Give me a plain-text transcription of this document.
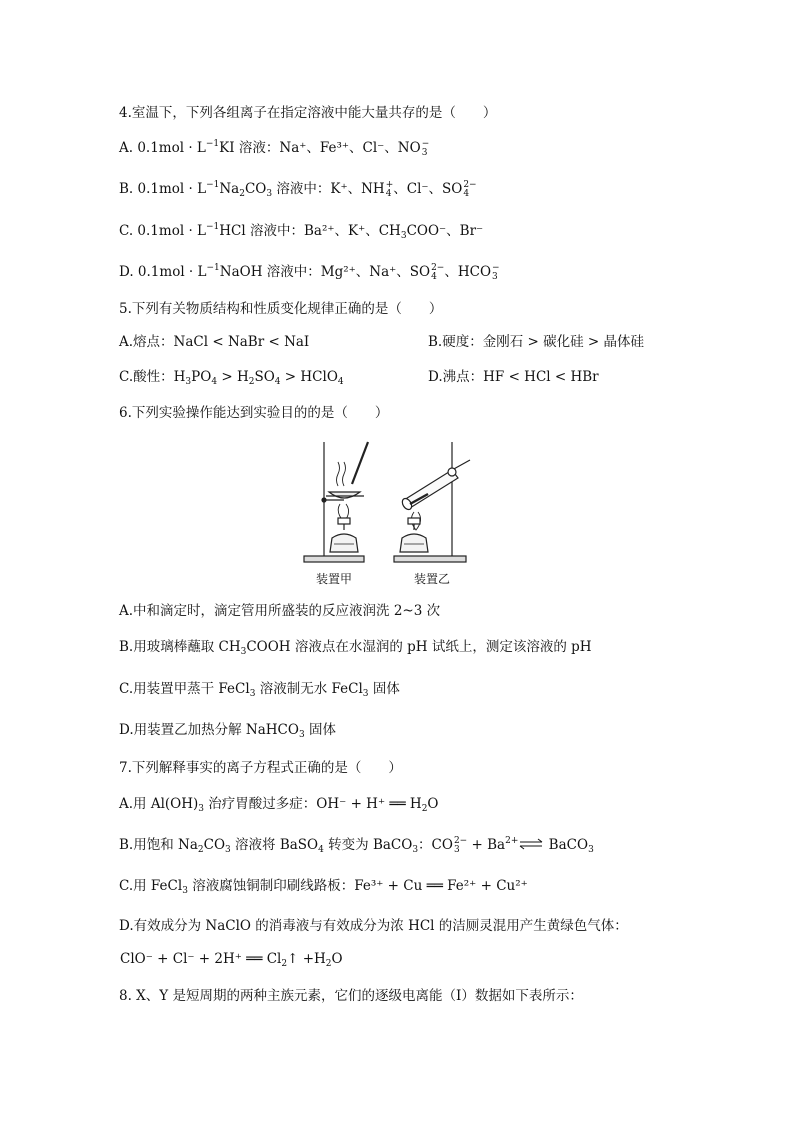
4.室温下，下列各组离子在指定溶液中能大量共存的是（　　）
A. $0.1mol \cdot L^{-1}KI$ 溶液：Na⁺、Fe³⁺、Cl⁻、NO −
3
B. $0.1mol \cdot L^{-1}Na_2CO_3$ 溶液中：K⁺、NH +
4 、Cl⁻、SO 2−
4
C. $0.1mol \cdot L^{-1}HCl$ 溶液中：Ba²⁺、K⁺、$CH_3COO^-$、Br⁻
D. $0.1mol \cdot L^{-1}NaOH$ 溶液中：Mg²⁺、Na⁺、SO 2−
4 、HCO −
3
5.下列有关物质结构和性质变化规律正确的是（　　）
A.熔点：NaCl < NaBr < NaI	B.硬度：金刚石 > 碳化硅 > 晶体硅
C.酸性：$H_3PO_4 > H_2SO_4$ > HClO$_4$	D.沸点：HF < HCl < HBr
6.下列实验操作能达到实验目的的是（　　）
装置甲	装置乙
A.中和滴定时，滴定管用所盛装的反应液润洗 2~3 次
B.用玻璃棒蘸取 $CH_3COOH$ 溶液点在水湿润的 pH 试纸上，测定该溶液的 pH
C.用装置甲蒸干 FeCl$_3$ 溶液制无水 FeCl$_3$ 固体
D.用装置乙加热分解 NaHCO$_3$ 固体
7.下列解释事实的离子方程式正确的是（　　）
A.用 $Al(OH)_3$ 治疗胃酸过多症：OH⁻ + H⁺ ══ $H_2O$
B.用饱和 $Na_2CO_3$ 溶液将 BaSO$_4$ 转变为 BaCO$_3$：CO 2−
$3 + Ba^{2+}\rightleftharpoons$ BaCO$_3$
C.用 FeCl$_3$ 溶液腐蚀铜制印刷线路板：Fe³⁺ + Cu ══ Fe²⁺ + Cu²⁺
D.有效成分为 NaClO 的消毒液与有效成分为浓 HCl 的洁厕灵混用产生黄绿色气体：
ClO⁻ + Cl⁻ + 2H⁺ ══ $Cl_2↑ +H_2O$
8. X、Y 是短周期的两种主族元素，它们的逐级电离能（I）数据如下表所示：
